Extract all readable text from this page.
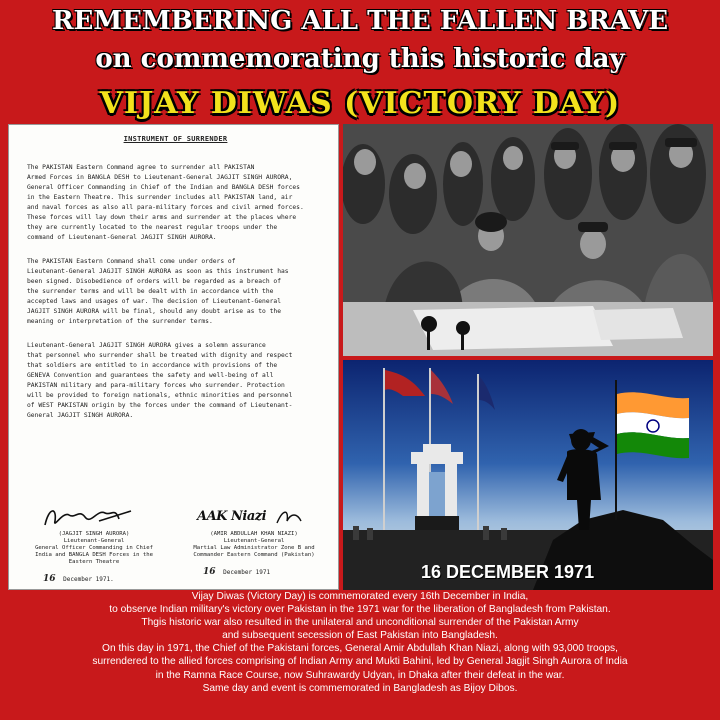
REMEMBERING ALL THE FALLEN BRAVE
on commemorating this historic day
VIJAY DIWAS (VICTORY DAY)
INSTRUMENT OF SURRENDER
The PAKISTAN Eastern Command agree to surrender all PAKISTAN
Armed Forces in BANGLA DESH to Lieutenant-General JAGJIT SINGH AURORA,
General Officer Commanding in Chief of the Indian and BANGLA DESH forces
in the Eastern Theatre. This surrender includes all PAKISTAN land, air
and naval forces as also all para-military forces and civil armed forces.
These forces will lay down their arms and surrender at the places where
they are currently located to the nearest regular troops under the
command of Lieutenant-General JAGJIT SINGH AURORA.
The PAKISTAN Eastern Command shall come under orders of
Lieutenant-General JAGJIT SINGH AURORA as soon as this instrument has
been signed. Disobedience of orders will be regarded as a breach of
the surrender terms and will be dealt with in accordance with the
accepted laws and usages of war. The decision of Lieutenant-General
JAGJIT SINGH AURORA will be final, should any doubt arise as to the
meaning or interpretation of the surrender terms.
Lieutenant-General JAGJIT SINGH AURORA gives a solemn assurance
that personnel who surrender shall be treated with dignity and respect
that soldiers are entitled to in accordance with provisions of the
GENEVA Convention and guarantees the safety and well-being of all
PAKISTAN military and para-military forces who surrender. Protection
will be provided to foreign nationals, ethnic minorities and personnel
of WEST PAKISTAN origin by the forces under the command of Lieutenant-
General JAGJIT SINGH AURORA.
(JAGJIT SINGH AURORA)
Lieutenant-General
General Officer Commanding in Chief
India and BANGLA DESH Forces in the
Eastern Theatre
16 December 1971.
AAK Niazi
(AMIR ABDULLAH KHAN NIAZI)
Lieutenant-General
Martial Law Administrator Zone B and
Commander Eastern Command (Pakistan)
16 December 1971	16 DECEMBER 1971
Vijay Diwas (Victory Day) is commemorated every 16th December in India,
to observe Indian military's victory over Pakistan in the 1971 war for the liberation of Bangladesh from Pakistan.
Thgis historic war also resulted in the unilateral and unconditional surrender of the Pakistan Army
and subsequent secession of East Pakistan into Bangladesh.
On this day in 1971, the Chief of the Pakistani forces, General Amir Abdullah Khan Niazi, along with 93,000 troops,
surrendered to the allied forces comprising of Indian Army and Mukti Bahini, led by General Jagjit Singh Aurora of India
in the Ramna Race Course, now Suhrawardy Udyan, in Dhaka after their defeat in the war.
Same day and event is commemorated in Bangladesh as Bijoy Dibos.
